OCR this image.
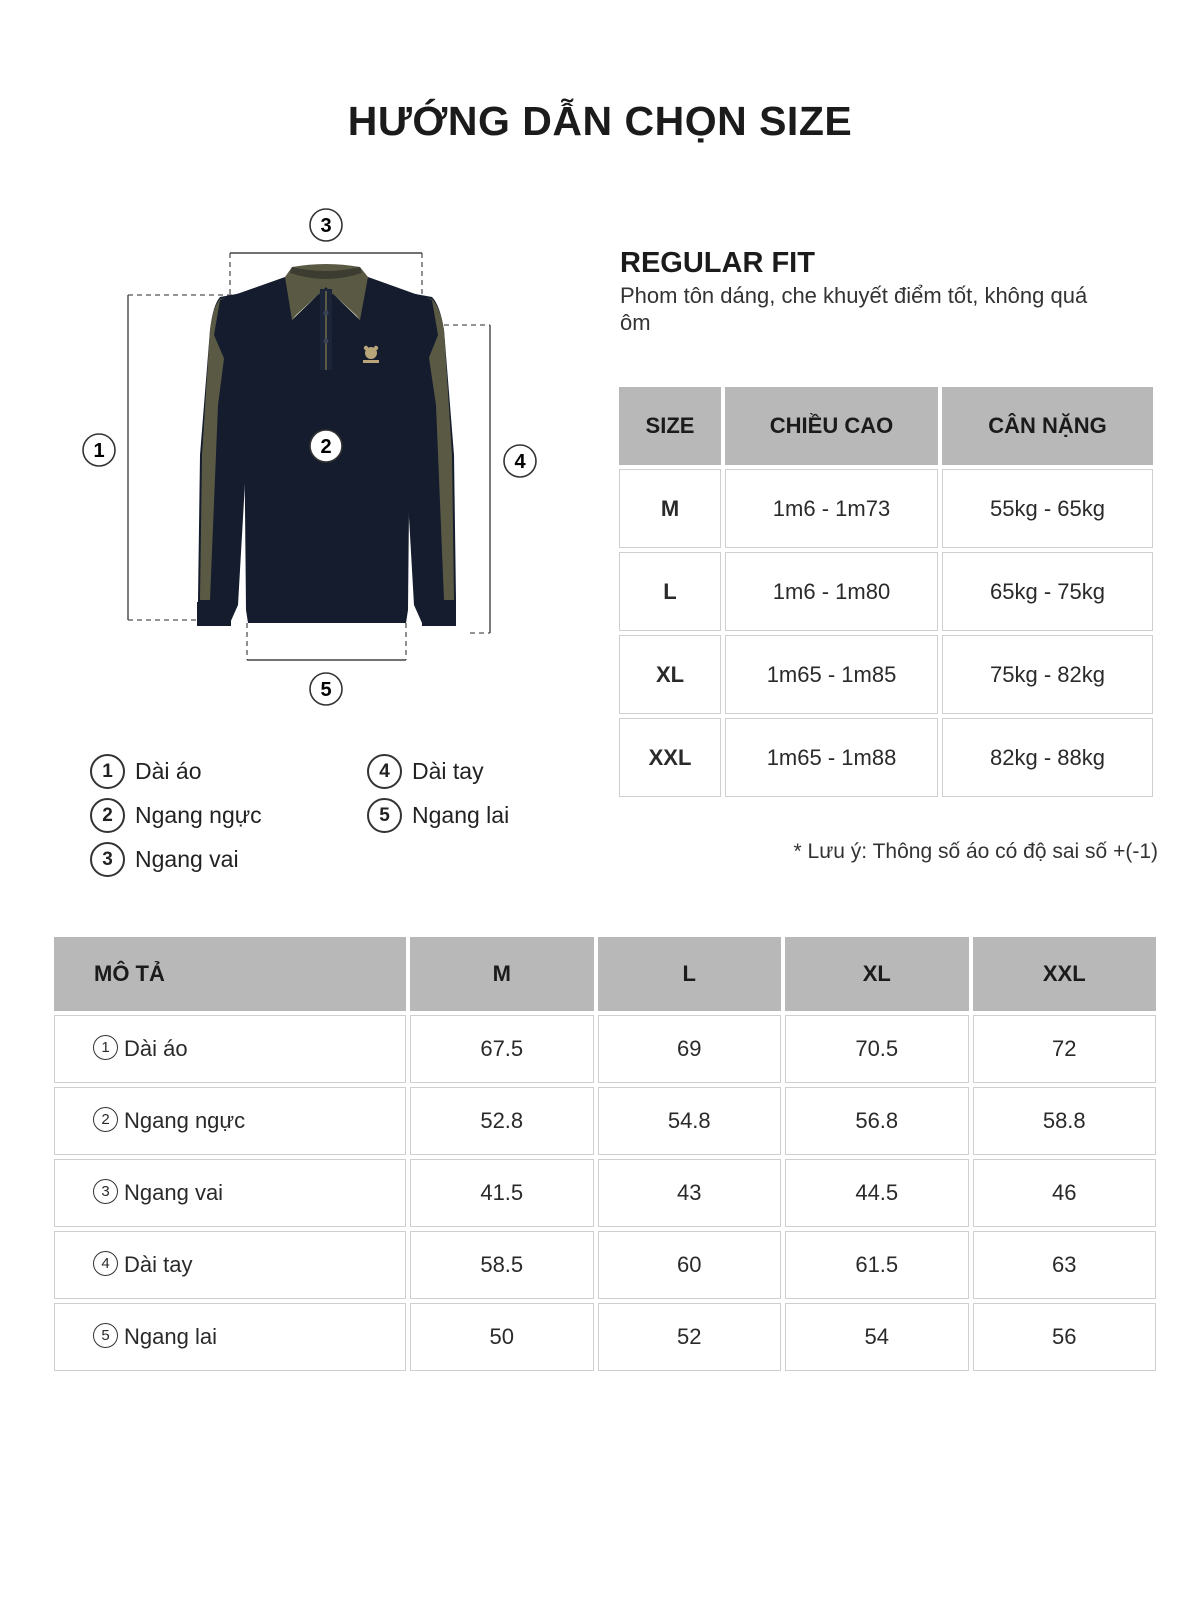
HƯỚNG DẪN CHỌN SIZE
3
1	2
4
5
1 Dài áo
2 Ngang ngực
3 Ngang vai
4 Dài tay
5 Ngang lai
REGULAR FIT
Phom tôn dáng, che khuyết điểm tốt, không quá ôm
SIZE	CHIỀU CAO	CÂN NẶNG
M	1m6 - 1m73	55kg - 65kg
L	1m6 - 1m80	65kg - 75kg
XL	1m65 - 1m85	75kg - 82kg
XXL	1m65 - 1m88	82kg - 88kg
* Lưu ý: Thông số áo có độ sai số +(-1)
MÔ TẢ	M	L	XL	XXL
1 Dài áo	67.5	69	70.5	72
2 Ngang ngực	52.8	54.8	56.8	58.8
3 Ngang vai	41.5	43	44.5	46
4 Dài tay	58.5	60	61.5	63
5 Ngang lai	50	52	54	56
